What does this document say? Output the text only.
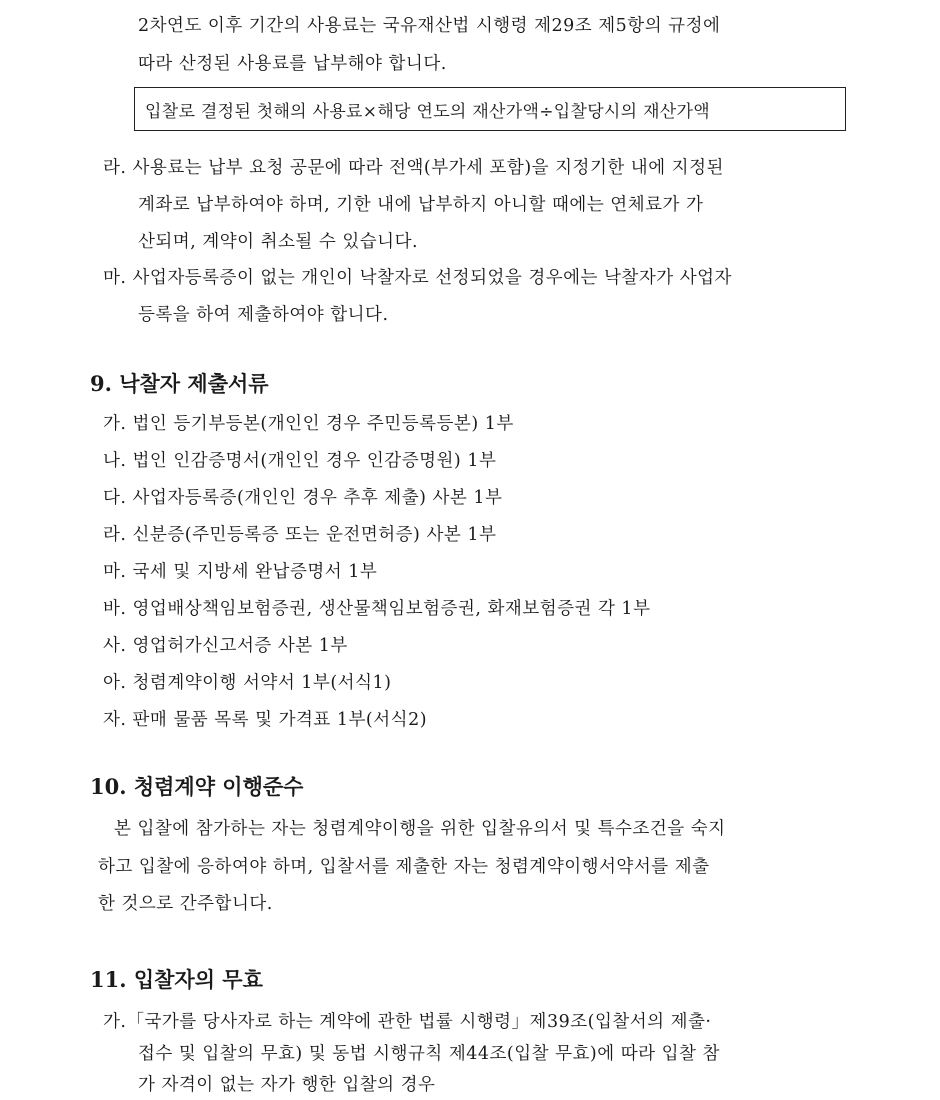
2차연도 이후 기간의 사용료는 국유재산법 시행령 제29조 제5항의 규정에
따라 산정된 사용료를 납부해야 합니다.
입찰로 결정된 첫해의 사용료×해당 연도의 재산가액÷입찰당시의 재산가액
라. 사용료는 납부 요청 공문에 따라 전액(부가세 포함)을 지정기한 내에 지정된
계좌로 납부하여야 하며, 기한 내에 납부하지 아니할 때에는 연체료가 가
산되며, 계약이 취소될 수 있습니다.
마. 사업자등록증이 없는 개인이 낙찰자로 선정되었을 경우에는 낙찰자가 사업자
등록을 하여 제출하여야 합니다.
9. 낙찰자 제출서류
가. 법인 등기부등본(개인인 경우 주민등록등본) 1부
나. 법인 인감증명서(개인인 경우 인감증명원) 1부
다. 사업자등록증(개인인 경우 추후 제출) 사본 1부
라. 신분증(주민등록증 또는 운전면허증) 사본 1부
마. 국세 및 지방세 완납증명서 1부
바. 영업배상책임보험증권, 생산물책임보험증권, 화재보험증권 각 1부
사. 영업허가신고서증 사본 1부
아. 청렴계약이행 서약서 1부(서식1)
자. 판매 물품 목록 및 가격표 1부(서식2)
10. 청렴계약 이행준수
본 입찰에 참가하는 자는 청렴계약이행을 위한 입찰유의서 및 특수조건을 숙지
하고 입찰에 응하여야 하며, 입찰서를 제출한 자는 청렴계약이행서약서를 제출
한 것으로 간주합니다.
11. 입찰자의 무효
가.「국가를 당사자로 하는 계약에 관한 법률 시행령」제39조(입찰서의 제출·
접수 및 입찰의 무효) 및 동법 시행규칙 제44조(입찰 무효)에 따라 입찰 참
가 자격이 없는 자가 행한 입찰의 경우
